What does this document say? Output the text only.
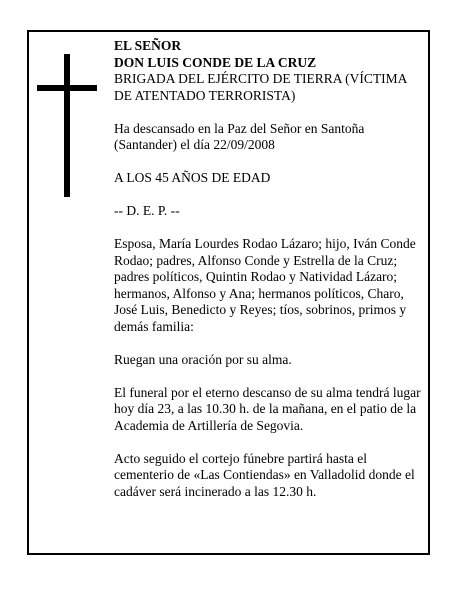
EL SEÑOR

DON LUIS CONDE DE LA CRUZ

BRIGADA DEL EJÉRCITO DE TIERRA (VÍCTIMA DE ATENTADO TERRORISTA)

Ha descansado en la Paz del Señor en Santoña (Santander) el día 22/09/2008

A LOS 45 AÑOS DE EDAD

-- D. E. P. --

Esposa, María Lourdes Rodao Lázaro; hijo, Iván Conde Rodao; padres, Alfonso Conde y Estrella de la Cruz; padres políticos, Quintin Rodao y Natividad Lázaro; hermanos, Alfonso y Ana; hermanos políticos, Charo, José Luis, Benedicto y Reyes; tíos, sobrinos, primos y demás familia:

Ruegan una oración por su alma.

El funeral por el eterno descanso de su alma tendrá lugar hoy día 23, a las 10.30 h. de la mañana, en el patio de la Academia de Artillería de Segovia.

Acto seguido el cortejo fúnebre partirá hasta el cementerio de «Las Contiendas» en Valladolid donde el cadáver será incinerado a las 12.30 h.
